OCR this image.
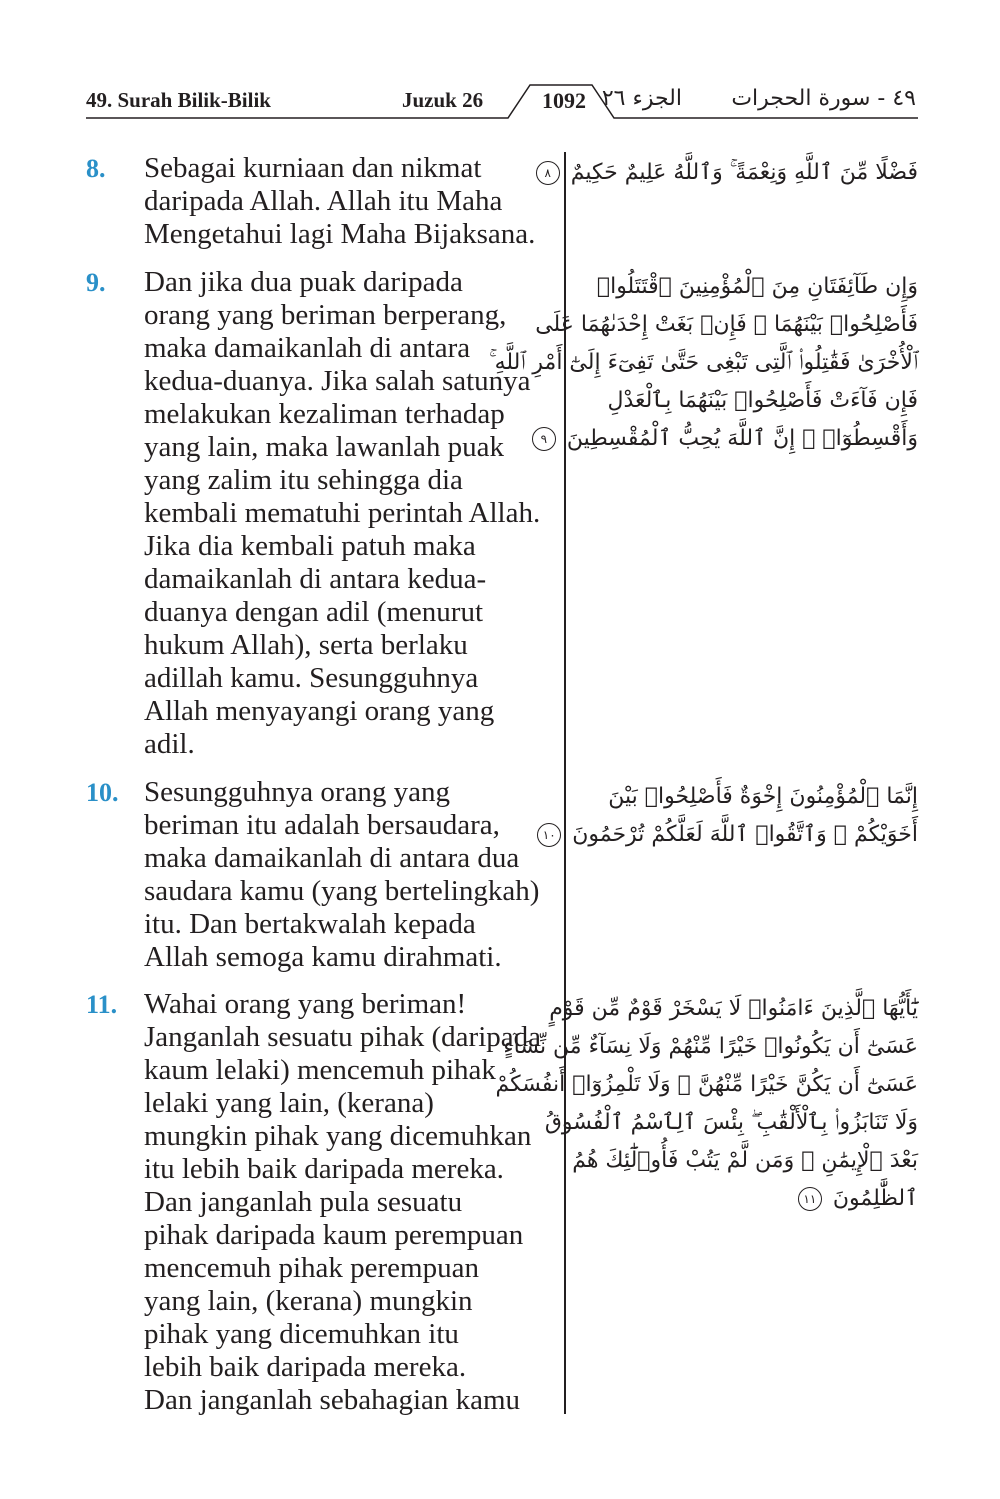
49. Surah Bilik-Bilik	Juzuk 26	1092 الجزء ٢٦ ٤٩ - سورة الحجرات
8. Sebagai kurniaan dan nikmat
daripada Allah. Allah itu Maha
Mengetahui lagi Maha Bijaksana.
فَضْلًا مِّنَ ٱللَّهِ وَنِعْمَةً ۚ وَٱللَّهُ عَلِيمٌ حَكِيمٌ ٨
9. Dan jika dua puak daripada
orang yang beriman berperang,
maka damaikanlah di antara
kedua-duanya. Jika salah satunya
melakukan kezaliman terhadap
yang lain, maka lawanlah puak
yang zalim itu sehingga dia
kembali mematuhi perintah Allah.
Jika dia kembali patuh maka
damaikanlah di antara kedua-
duanya dengan adil (menurut
hukum Allah), serta berlaku
adillah kamu. Sesungguhnya
Allah menyayangi orang yang
adil.
وَإِن طَآئِفَتَانِ مِنَ ٱلْمُؤْمِنِينَ ٱقْتَتَلُوا۟
فَأَصْلِحُوا۟ بَيْنَهُمَا ۖ فَإِنۢ بَغَتْ إِحْدَىٰهُمَا عَلَى
ٱلْأُخْرَىٰ فَقَٰتِلُوا۟ ٱلَّتِى تَبْغِى حَتَّىٰ تَفِىٓءَ إِلَىٰٓ أَمْرِ ٱللَّهِ ۚ
فَإِن فَآءَتْ فَأَصْلِحُوا۟ بَيْنَهُمَا بِٱلْعَدْلِ
وَأَقْسِطُوٓا۟ ۖ إِنَّ ٱللَّهَ يُحِبُّ ٱلْمُقْسِطِينَ ٩
10. Sesungguhnya orang yang
beriman itu adalah bersaudara,
maka damaikanlah di antara dua
saudara kamu (yang bertelingkah)
itu. Dan bertakwalah kepada
Allah semoga kamu dirahmati.
إِنَّمَا ٱلْمُؤْمِنُونَ إِخْوَةٌ فَأَصْلِحُوا۟ بَيْنَ
أَخَوَيْكُمْ ۚ وَٱتَّقُوا۟ ٱللَّهَ لَعَلَّكُمْ تُرْحَمُونَ ١٠
11. Wahai orang yang beriman!
Janganlah sesuatu pihak (daripada
kaum lelaki) mencemuh pihak
lelaki yang lain, (kerana)
mungkin pihak yang dicemuhkan
itu lebih baik daripada mereka.
Dan janganlah pula sesuatu
pihak daripada kaum perempuan
mencemuh pihak perempuan
yang lain, (kerana) mungkin
pihak yang dicemuhkan itu
lebih baik daripada mereka.
Dan janganlah sebahagian kamu
يَٰٓأَيُّهَا ٱلَّذِينَ ءَامَنُوا۟ لَا يَسْخَرْ قَوْمٌ مِّن قَوْمٍ
عَسَىٰٓ أَن يَكُونُوا۟ خَيْرًا مِّنْهُمْ وَلَا نِسَآءٌ مِّن نِّسَآءٍ
عَسَىٰٓ أَن يَكُنَّ خَيْرًا مِّنْهُنَّ ۖ وَلَا تَلْمِزُوٓا۟ أَنفُسَكُمْ
وَلَا تَنَابَزُوا۟ بِٱلْأَلْقَٰبِ ۖ بِئْسَ ٱلِٱسْمُ ٱلْفُسُوقُ
بَعْدَ ٱلْإِيمَٰنِ ۚ وَمَن لَّمْ يَتُبْ فَأُو۟لَٰٓئِكَ هُمُ
ٱلظَّٰلِمُونَ ١١
